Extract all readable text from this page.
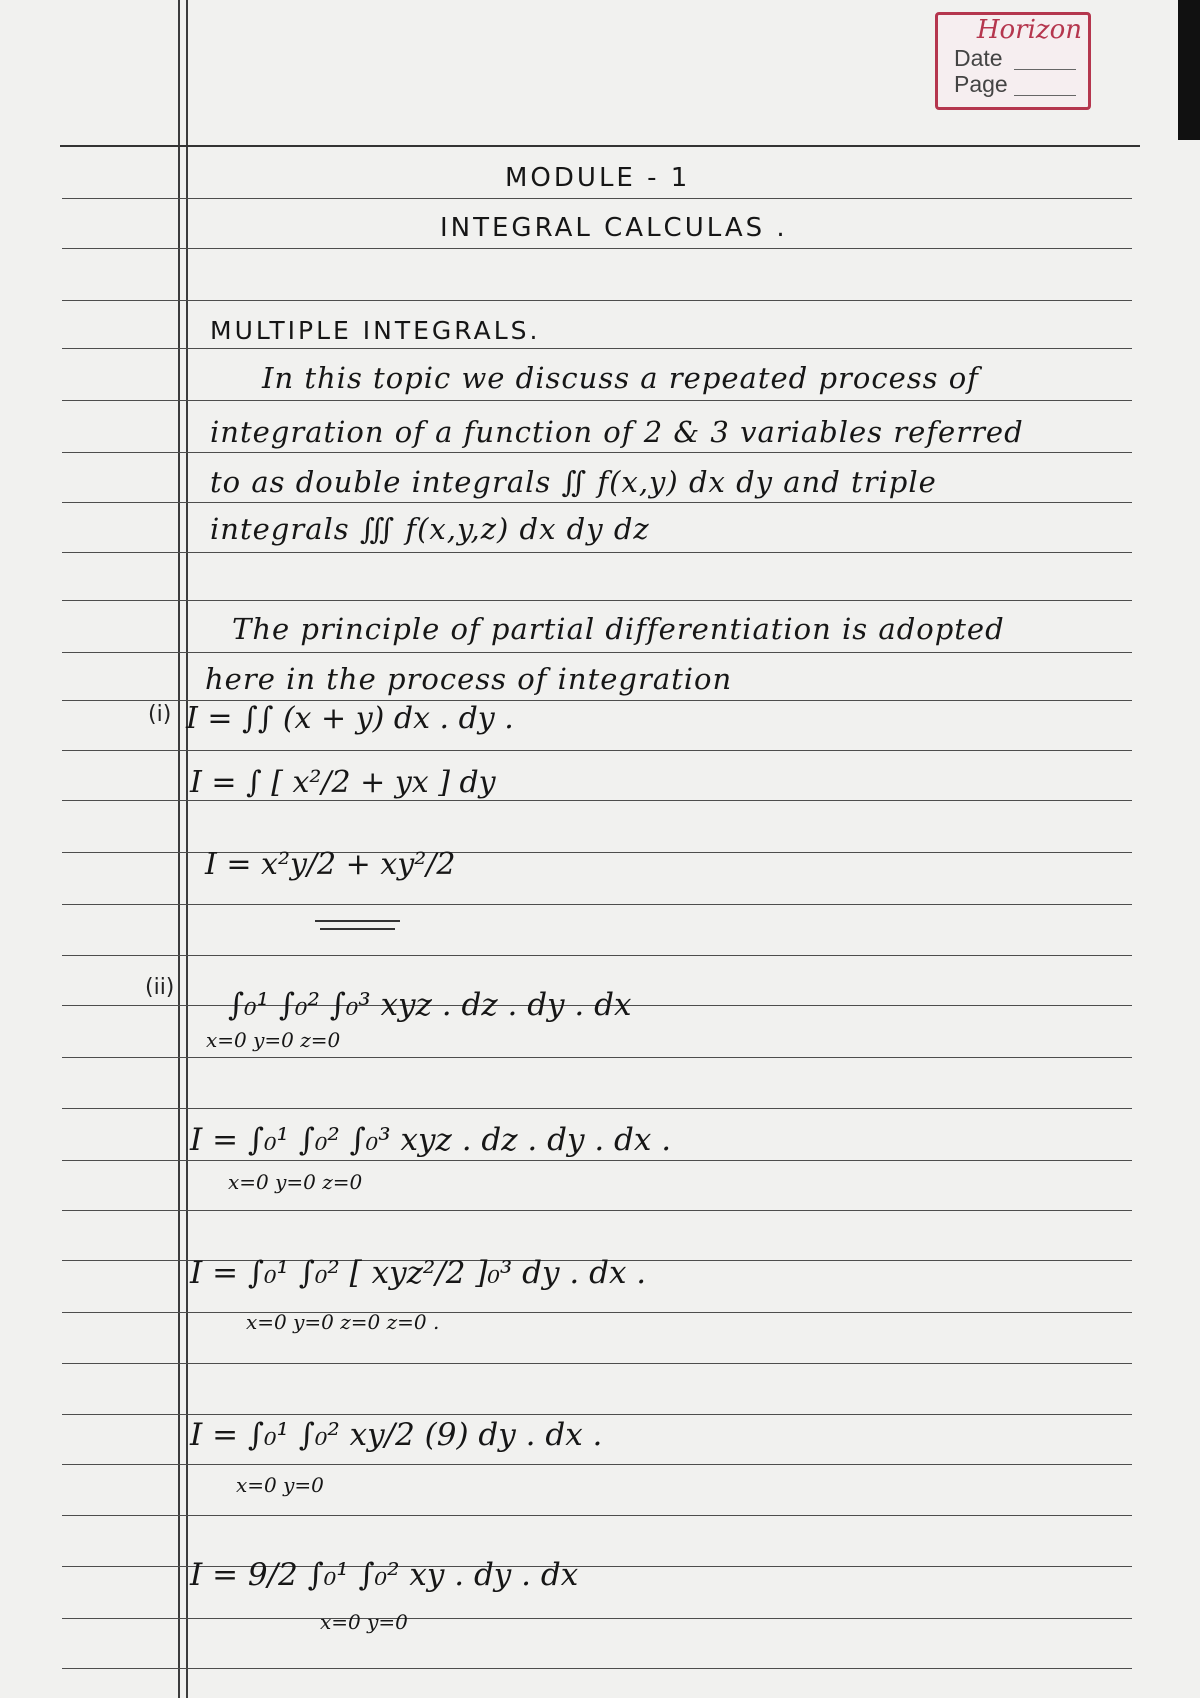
Horizon
Date
Page
MODULE - 1
INTEGRAL CALCULAS .
MULTIPLE INTEGRALS.
In this topic we discuss a repeated process of
integration of a function of 2 & 3 variables referred
to as double integrals ∬ f(x,y) dx dy and triple
integrals ∭ f(x,y,z) dx dy dz
The principle of partial differentiation is adopted
here in the process of integration
(i) I = ∫∫ (x + y) dx . dy .
I = ∫ [ x²/2 + yx ] dy
I = x²y/2 + xy²/2
(ii) ∫₀¹ ∫₀² ∫₀³ xyz . dz . dy . dx
x=0 y=0 z=0
I = ∫₀¹ ∫₀² ∫₀³ xyz . dz . dy . dx .
x=0 y=0 z=0
I = ∫₀¹ ∫₀² [ xyz²/2 ]₀³ dy . dx .
x=0 y=0 z=0 z=0 .
I = ∫₀¹ ∫₀² xy/2 (9) dy . dx .
x=0 y=0
I = 9/2 ∫₀¹ ∫₀² xy . dy . dx
x=0 y=0
